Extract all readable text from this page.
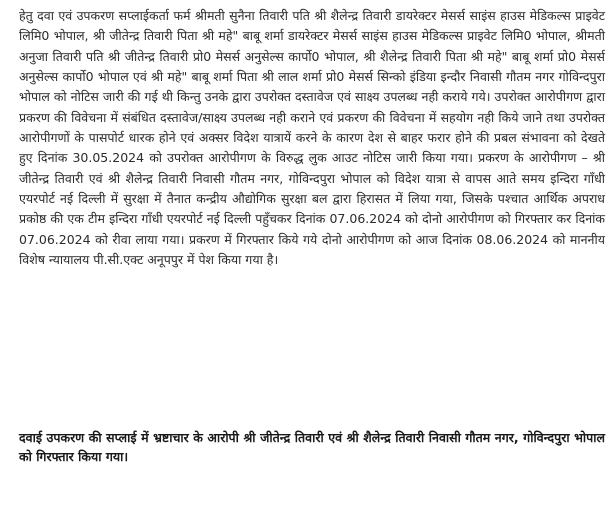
हेतु दवा एवं उपकरण सप्लाईकर्ता फर्म श्रीमती सुनैना तिवारी पति श्री शैलेन्द्र तिवारी डायरेक्टर मेसर्स साइंस हाउस मेडिकल्स प्राइवेट लिमि0 भोपाल, श्री जीतेन्द्र तिवारी पिता श्री महे" बाबू शर्मा डायरेक्टर मेसर्स साइंस हाउस मेडिकल्स प्राइवेट लिमि0 भोपाल, श्रीमती अनुजा तिवारी पति श्री जीतेन्द्र तिवारी प्रो0 मेसर्स अनुसेल्स कार्पो0 भोपाल, श्री शैलेन्द्र तिवारी पिता श्री महे" बाबू शर्मा प्रो0 मेसर्स अनुसेल्स कार्पो0 भोपाल एवं श्री महे" बाबू शर्मा पिता श्री लाल शर्मा प्रो0 मेसर्स सिन्को इंडिया इन्दौर निवासी गौतम नगर गोविन्दपुरा भोपाल को नोटिस जारी की गई थी किन्तु उनके द्वारा उपरोक्त दस्तावेज एवं साक्ष्य उपलब्ध नही कराये गये। उपरोक्त आरोपीगण द्वारा प्रकरण की विवेचना में संबंधित दस्तावेज/साक्ष्य उपलब्ध नही कराने एवं प्रकरण की विवेचना में सहयोग नही किये जाने तथा उपरोक्त आरोपीगणों के पासपोर्ट धारक होने एवं अक्सर विदेश यात्रायें करने के कारण देश से बाहर फरार होने की प्रबल संभावना को देखते हुए दिनांक 30.05.2024 को उपरोक्त आरोपीगण के विरुद्ध लुक आउट नोटिस जारी किया गया। प्रकरण के आरोपीगण – श्री जीतेन्द्र तिवारी एवं श्री शैलेन्द्र तिवारी निवासी गौतम नगर, गोविन्दपुरा भोपाल को विदेश यात्रा से वापस आते समय इन्दिरा गाँधी एयरपोर्ट नई दिल्ली में सुरक्षा में तैनात कन्द्रीय औद्योगिक सुरक्षा बल द्वारा हिरासत में लिया गया, जिसके पश्चात आर्थिक अपराध प्रकोष्ठ की एक टीम इन्दिरा गाँधी एयरपोर्ट नई दिल्ली पहुँचकर दिनांक 07.06.2024 को दोनो आरोपीगण को गिरफ्तार कर दिनांक 07.06.2024 को रीवा लाया गया। प्रकरण में गिरफ्तार किये गये दोनो आरोपीगण को आज दिनांक 08.06.2024 को माननीय विशेष न्यायालय पी.सी.एक्ट अनूपपुर में पेश किया गया है।

दवाई उपकरण की सप्लाई में भ्रष्टाचार के आरोपी श्री जीतेन्द्र तिवारी एवं श्री शैलेन्द्र तिवारी निवासी गौतम नगर, गोविन्दपुरा भोपाल को गिरफ्तार किया गया।
